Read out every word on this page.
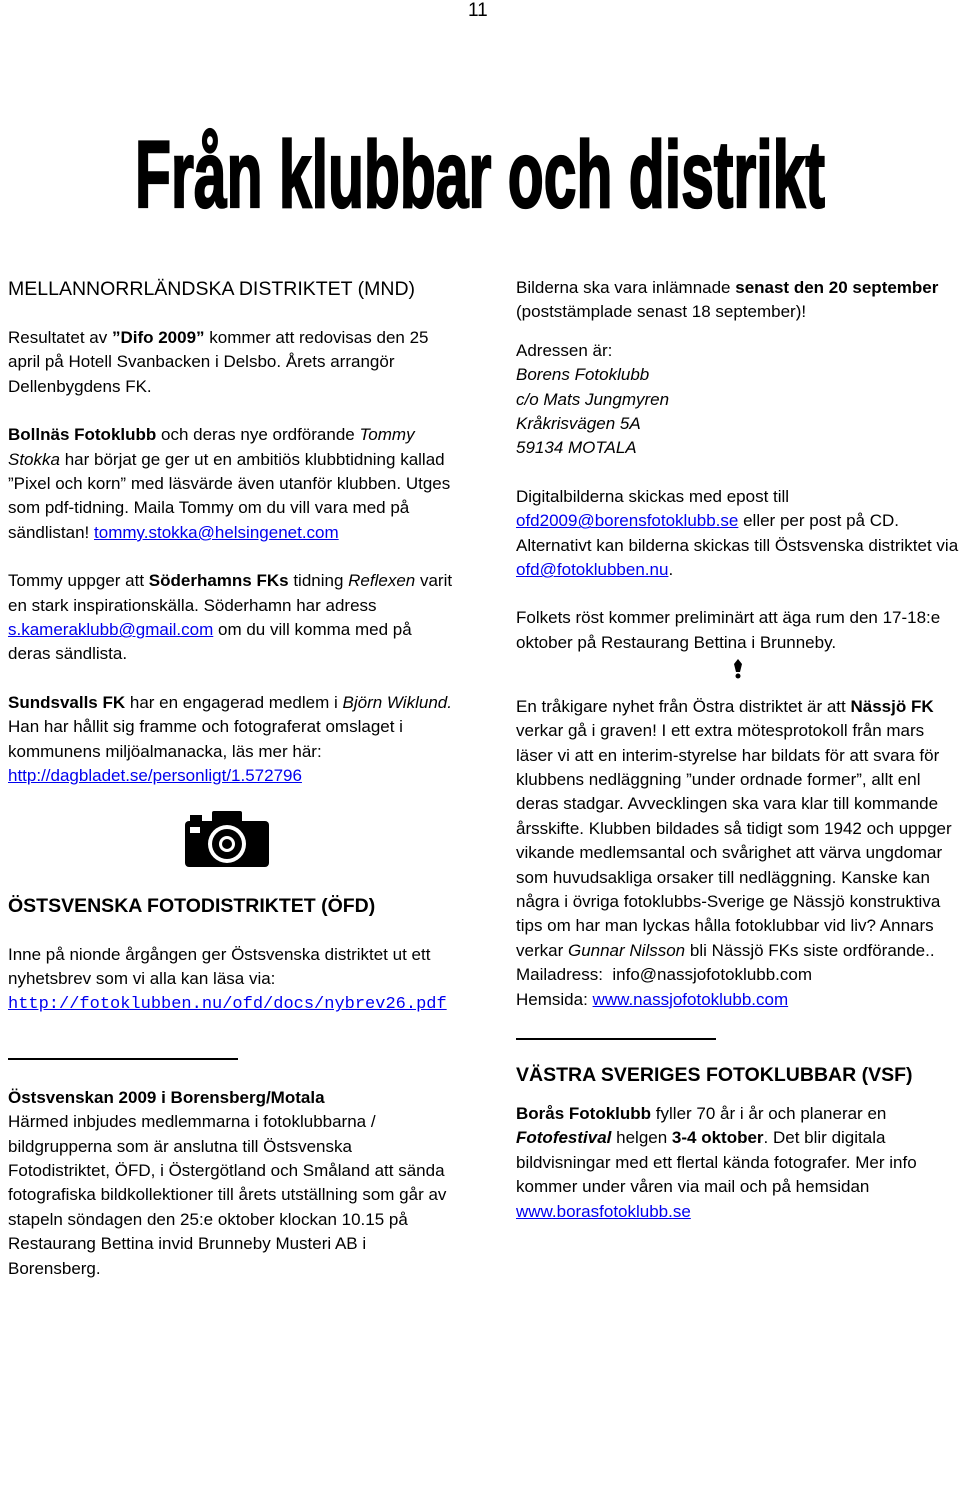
11
Från klubbar och distrikt

MELLANNORRLÄNDSKA DISTRIKTET (MND)

Resultatet av ”Difo 2009” kommer att redovisas den 25 april på Hotell Svanbacken i Delsbo. Årets arrangör Dellenbygdens FK.

Bollnäs Fotoklubb och deras nye ordförande Tommy Stokka har börjat ge ger ut en ambitiös klubbtidning kallad ”Pixel och korn” med läsvärde även utanför klubben. Utges som pdf-tidning. Maila Tommy om du vill vara med på sändlistan! tommy.stokka@helsingenet.com

Tommy uppger att Söderhamns FKs tidning Reflexen varit en stark inspirationskälla. Söderhamn har adress s.kameraklubb@gmail.com om du vill komma med på deras sändlista.

Sundsvalls FK har en engagerad medlem i Björn Wiklund. Han har hållit sig framme och fotograferat omslaget i kommunens miljöalmanacka, läs mer här: http://dagbladet.se/personligt/1.572796

ÖSTSVENSKA FOTODISTRIKTET (ÖFD)

Inne på nionde årgången ger Östsvenska distriktet ut ett nyhetsbrev som vi alla kan läsa via:
http://fotoklubben.nu/ofd/docs/nybrev26.pdf

Östsvenskan 2009 i Borensberg/Motala

Härmed inbjudes medlemmarna i fotoklubbarna / bildgrupperna som är anslutna till Östsvenska Fotodistriktet, ÖFD, i Östergötland och Småland att sända fotografiska bildkollektioner till årets utställning som går av stapeln söndagen den 25:e oktober klockan 10.15 på Restaurang Bettina invid Brunneby Musteri AB i Borensberg.

Bilderna ska vara inlämnade senast den 20 september (poststämplade senast 18 september)!

Adressen är:

Borens Fotoklubb

c/o Mats Jungmyren

Kråkrisvägen 5A

59134 MOTALA

Digitalbilderna skickas med epost till ofd2009@borensfotoklubb.se eller per post på CD. Alternativt kan bilderna skickas till Östsvenska distriktet via ofd@fotoklubben.nu.

Folkets röst kommer preliminärt att äga rum den 17-18:e oktober på Restaurang Bettina i Brunneby.

En tråkigare nyhet från Östra distriktet är att Nässjö FK verkar gå i graven! I ett extra mötesprotokoll från mars läser vi att en interim-styrelse har bildats för att svara för klubbens nedläggning ”under ordnade former”, allt enl deras stadgar. Avvecklingen ska vara klar till kommande årsskifte. Klubben bildades så tidigt som 1942 och uppger vikande medlemsantal och svårighet att värva ungdomar som huvudsakliga orsaker till nedläggning. Kanske kan några i övriga fotoklubbs-Sverige ge Nässjö konstruktiva tips om har man lyckas hålla fotoklubbar vid liv? Annars verkar Gunnar Nilsson bli Nässjö FKs siste ordförande..

Mailadress: info@nassjofotoklubb.com

Hemsida: www.nassjofotoklubb.com

VÄSTRA SVERIGES FOTOKLUBBAR (VSF)

Borås Fotoklubb fyller 70 år i år och planerar en Fotofestival helgen 3-4 oktober. Det blir digitala bildvisningar med ett flertal kända fotografer. Mer info kommer under våren via mail och på hemsidan www.borasfotoklubb.se
